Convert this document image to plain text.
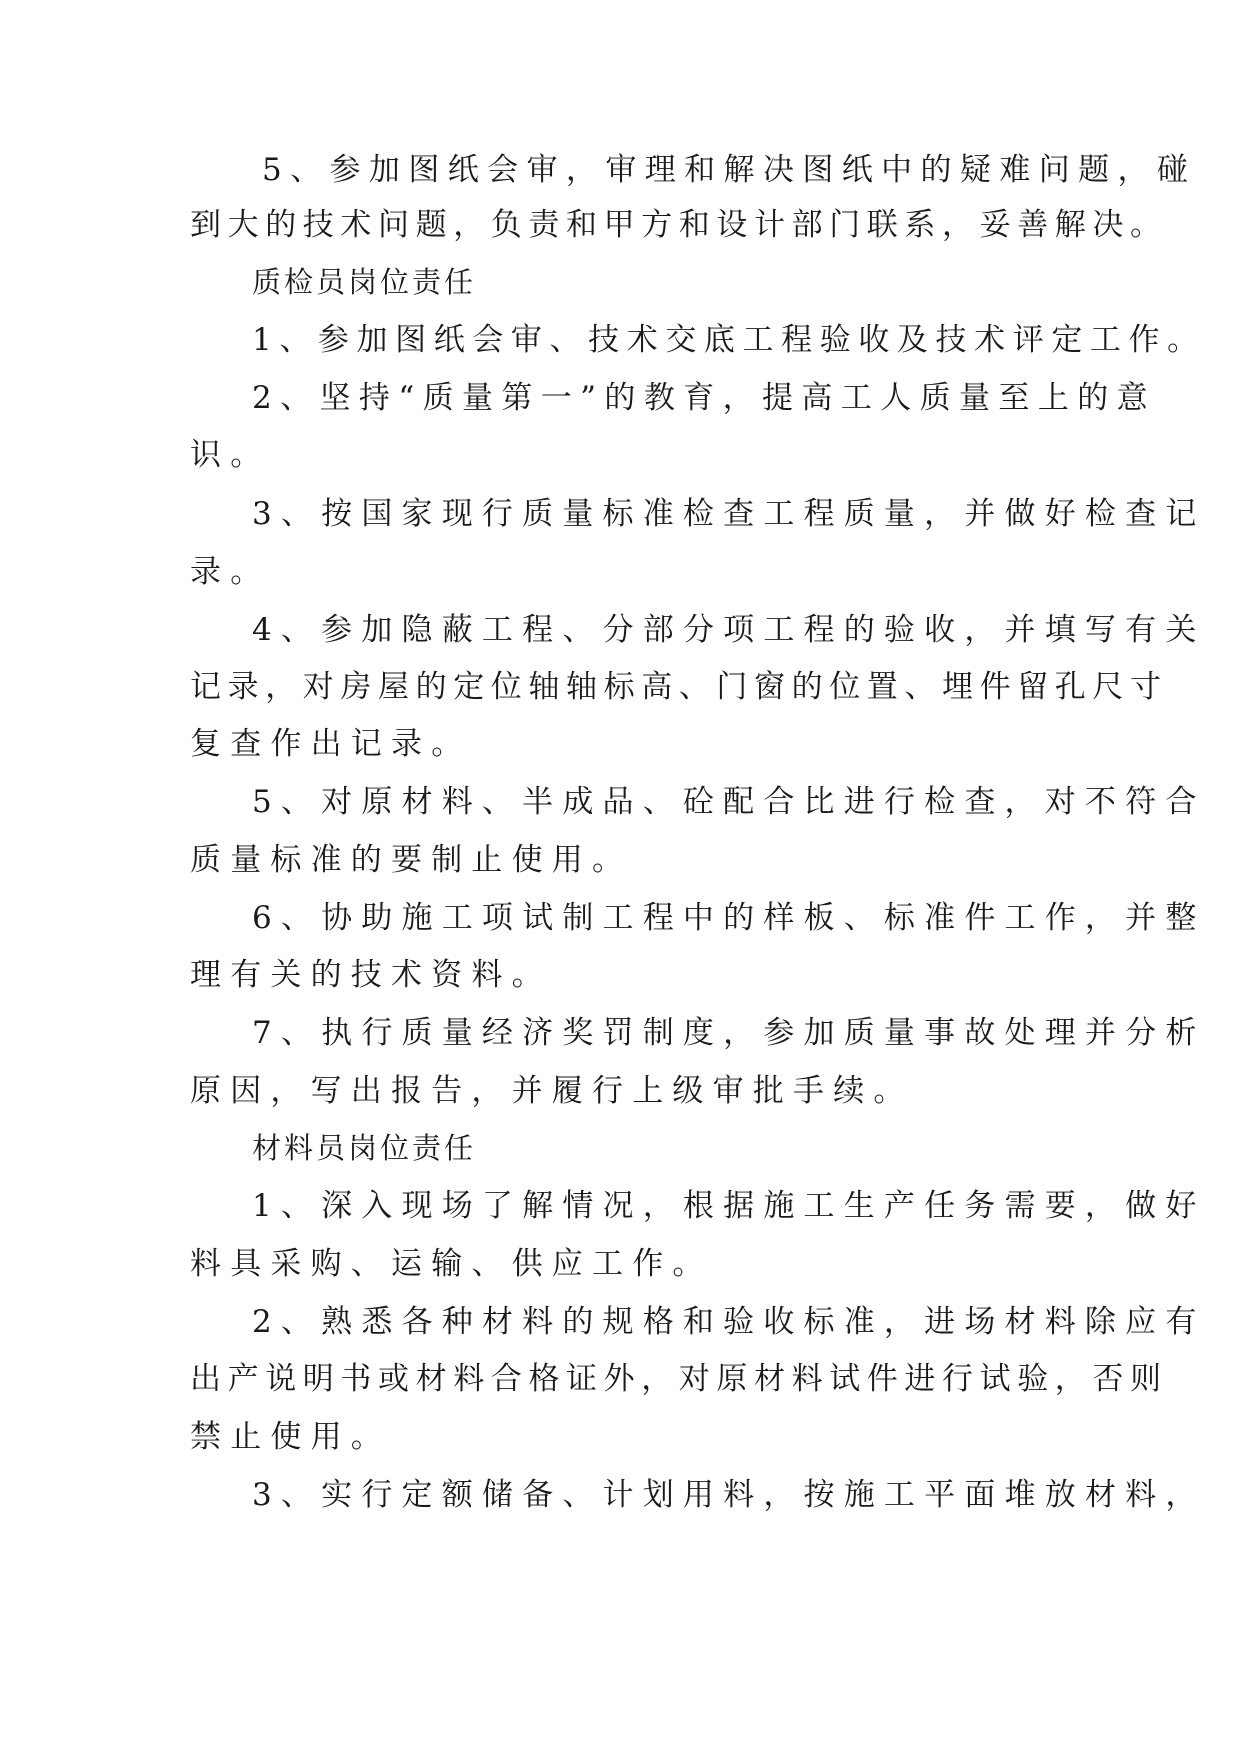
5、参加图纸会审，审理和解决图纸中的疑难问题，碰
到大的技术问题，负责和甲方和设计部门联系，妥善解决。
质检员岗位责任
1、参加图纸会审、技术交底工程验收及技术评定工作。
2、坚持“质量第一”的教育，提高工人质量至上的意
识。
3、按国家现行质量标准检查工程质量，并做好检查记
录。
4、参加隐蔽工程、分部分项工程的验收，并填写有关
记录，对房屋的定位轴轴标高、门窗的位置、埋件留孔尺寸
复查作出记录。
5、对原材料、半成品、砼配合比进行检查，对不符合
质量标准的要制止使用。
6、协助施工项试制工程中的样板、标准件工作，并整
理有关的技术资料。
7、执行质量经济奖罚制度，参加质量事故处理并分析
原因，写出报告，并履行上级审批手续。
材料员岗位责任
1、深入现场了解情况，根据施工生产任务需要，做好
料具采购、运输、供应工作。
2、熟悉各种材料的规格和验收标准，进场材料除应有
出产说明书或材料合格证外，对原材料试件进行试验，否则
禁止使用。
3、实行定额储备、计划用料，按施工平面堆放材料，
